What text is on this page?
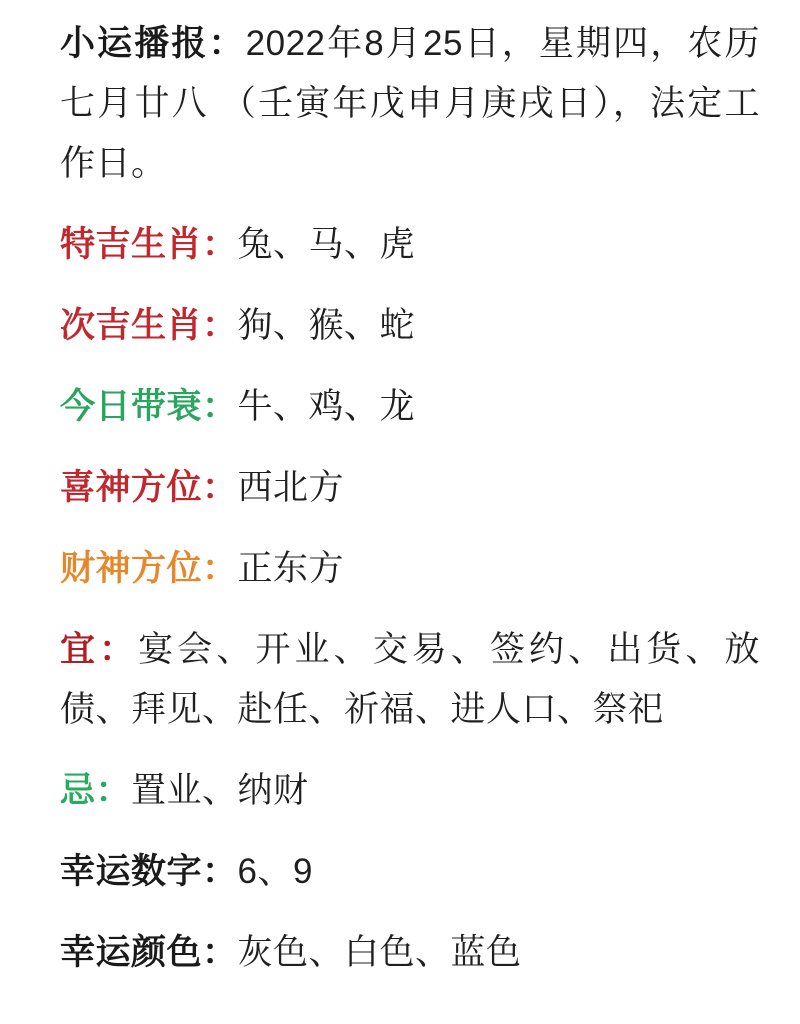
小运播报：2022年8月25日，星期四，农历七月廿八 （壬寅年戊申月庚戌日），法定工作日。

特吉生肖：兔、马、虎

次吉生肖：狗、猴、蛇

今日带衰：牛、鸡、龙

喜神方位：西北方

财神方位：正东方

宜：宴会、开业、交易、签约、出货、放债、拜见、赴任、祈福、进人口、祭祀

忌：置业、纳财

幸运数字：6、9

幸运颜色：灰色、白色、蓝色
